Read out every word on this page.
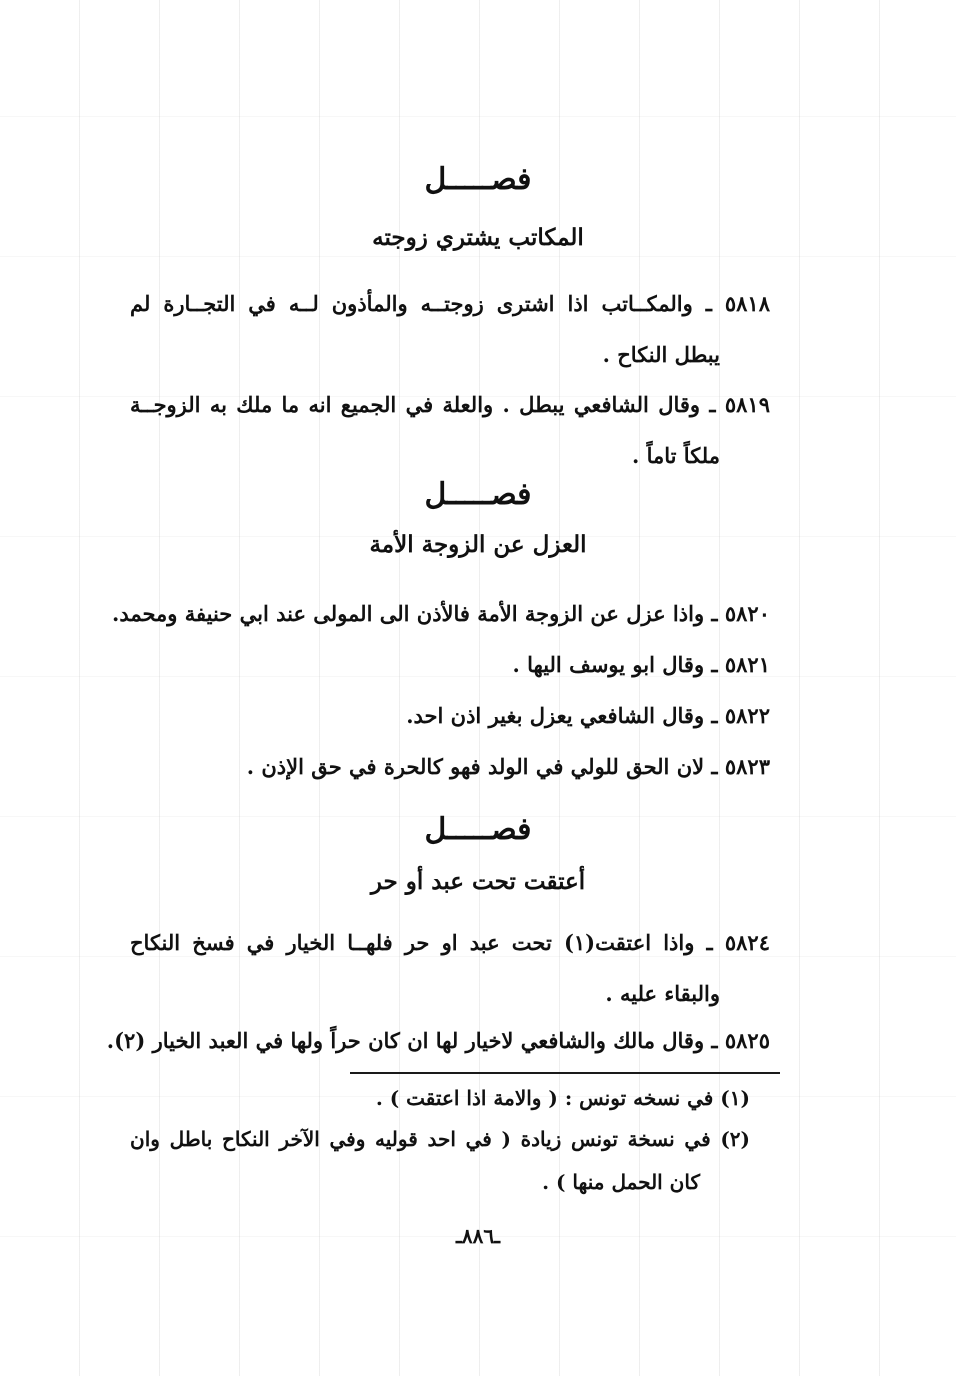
فصـــــل
المكاتب يشتري زوجته
٥٨١٨ ـ والمكــاتب اذا اشترى زوجتــه والمأذون لــه في التجــارة لم
يبطل النكاح .
٥٨١٩ ـ وقال الشافعي يبطل . والعلة في الجميع انه ما ملك به الزوجــة
ملكاً تاماً .
فصـــــل
العزل عن الزوجة الأمة
٥٨٢٠ ـ واذا عزل عن الزوجة الأمة فالأذن الى المولى عند ابي حنيفة ومحمد.
٥٨٢١ ـ وقال ابو يوسف اليها .
٥٨٢٢ ـ وقال الشافعي يعزل بغير اذن احد.
٥٨٢٣ ـ لان الحق للولي في الولد فهو كالحرة في حق الإذن .
فصـــــل
أعتقت تحت عبد أو حر
٥٨٢٤ ـ واذا اعتقت(١) تحت عبد او حر فلهــا الخيار في فسخ النكاح
والبقاء عليه .
٥٨٢٥ ـ وقال مالك والشافعي لاخيار لها ان كان حراً ولها في العبد الخيار (٢).
(١) في نسخه تونس : ( والامة اذا اعتقت ) .
(٢) في نسخة تونس زيادة ( في احد قوليه وفي الآخر النكاح باطل وان
كان الحمل منها ) .
ـ٨٨٦ـ
